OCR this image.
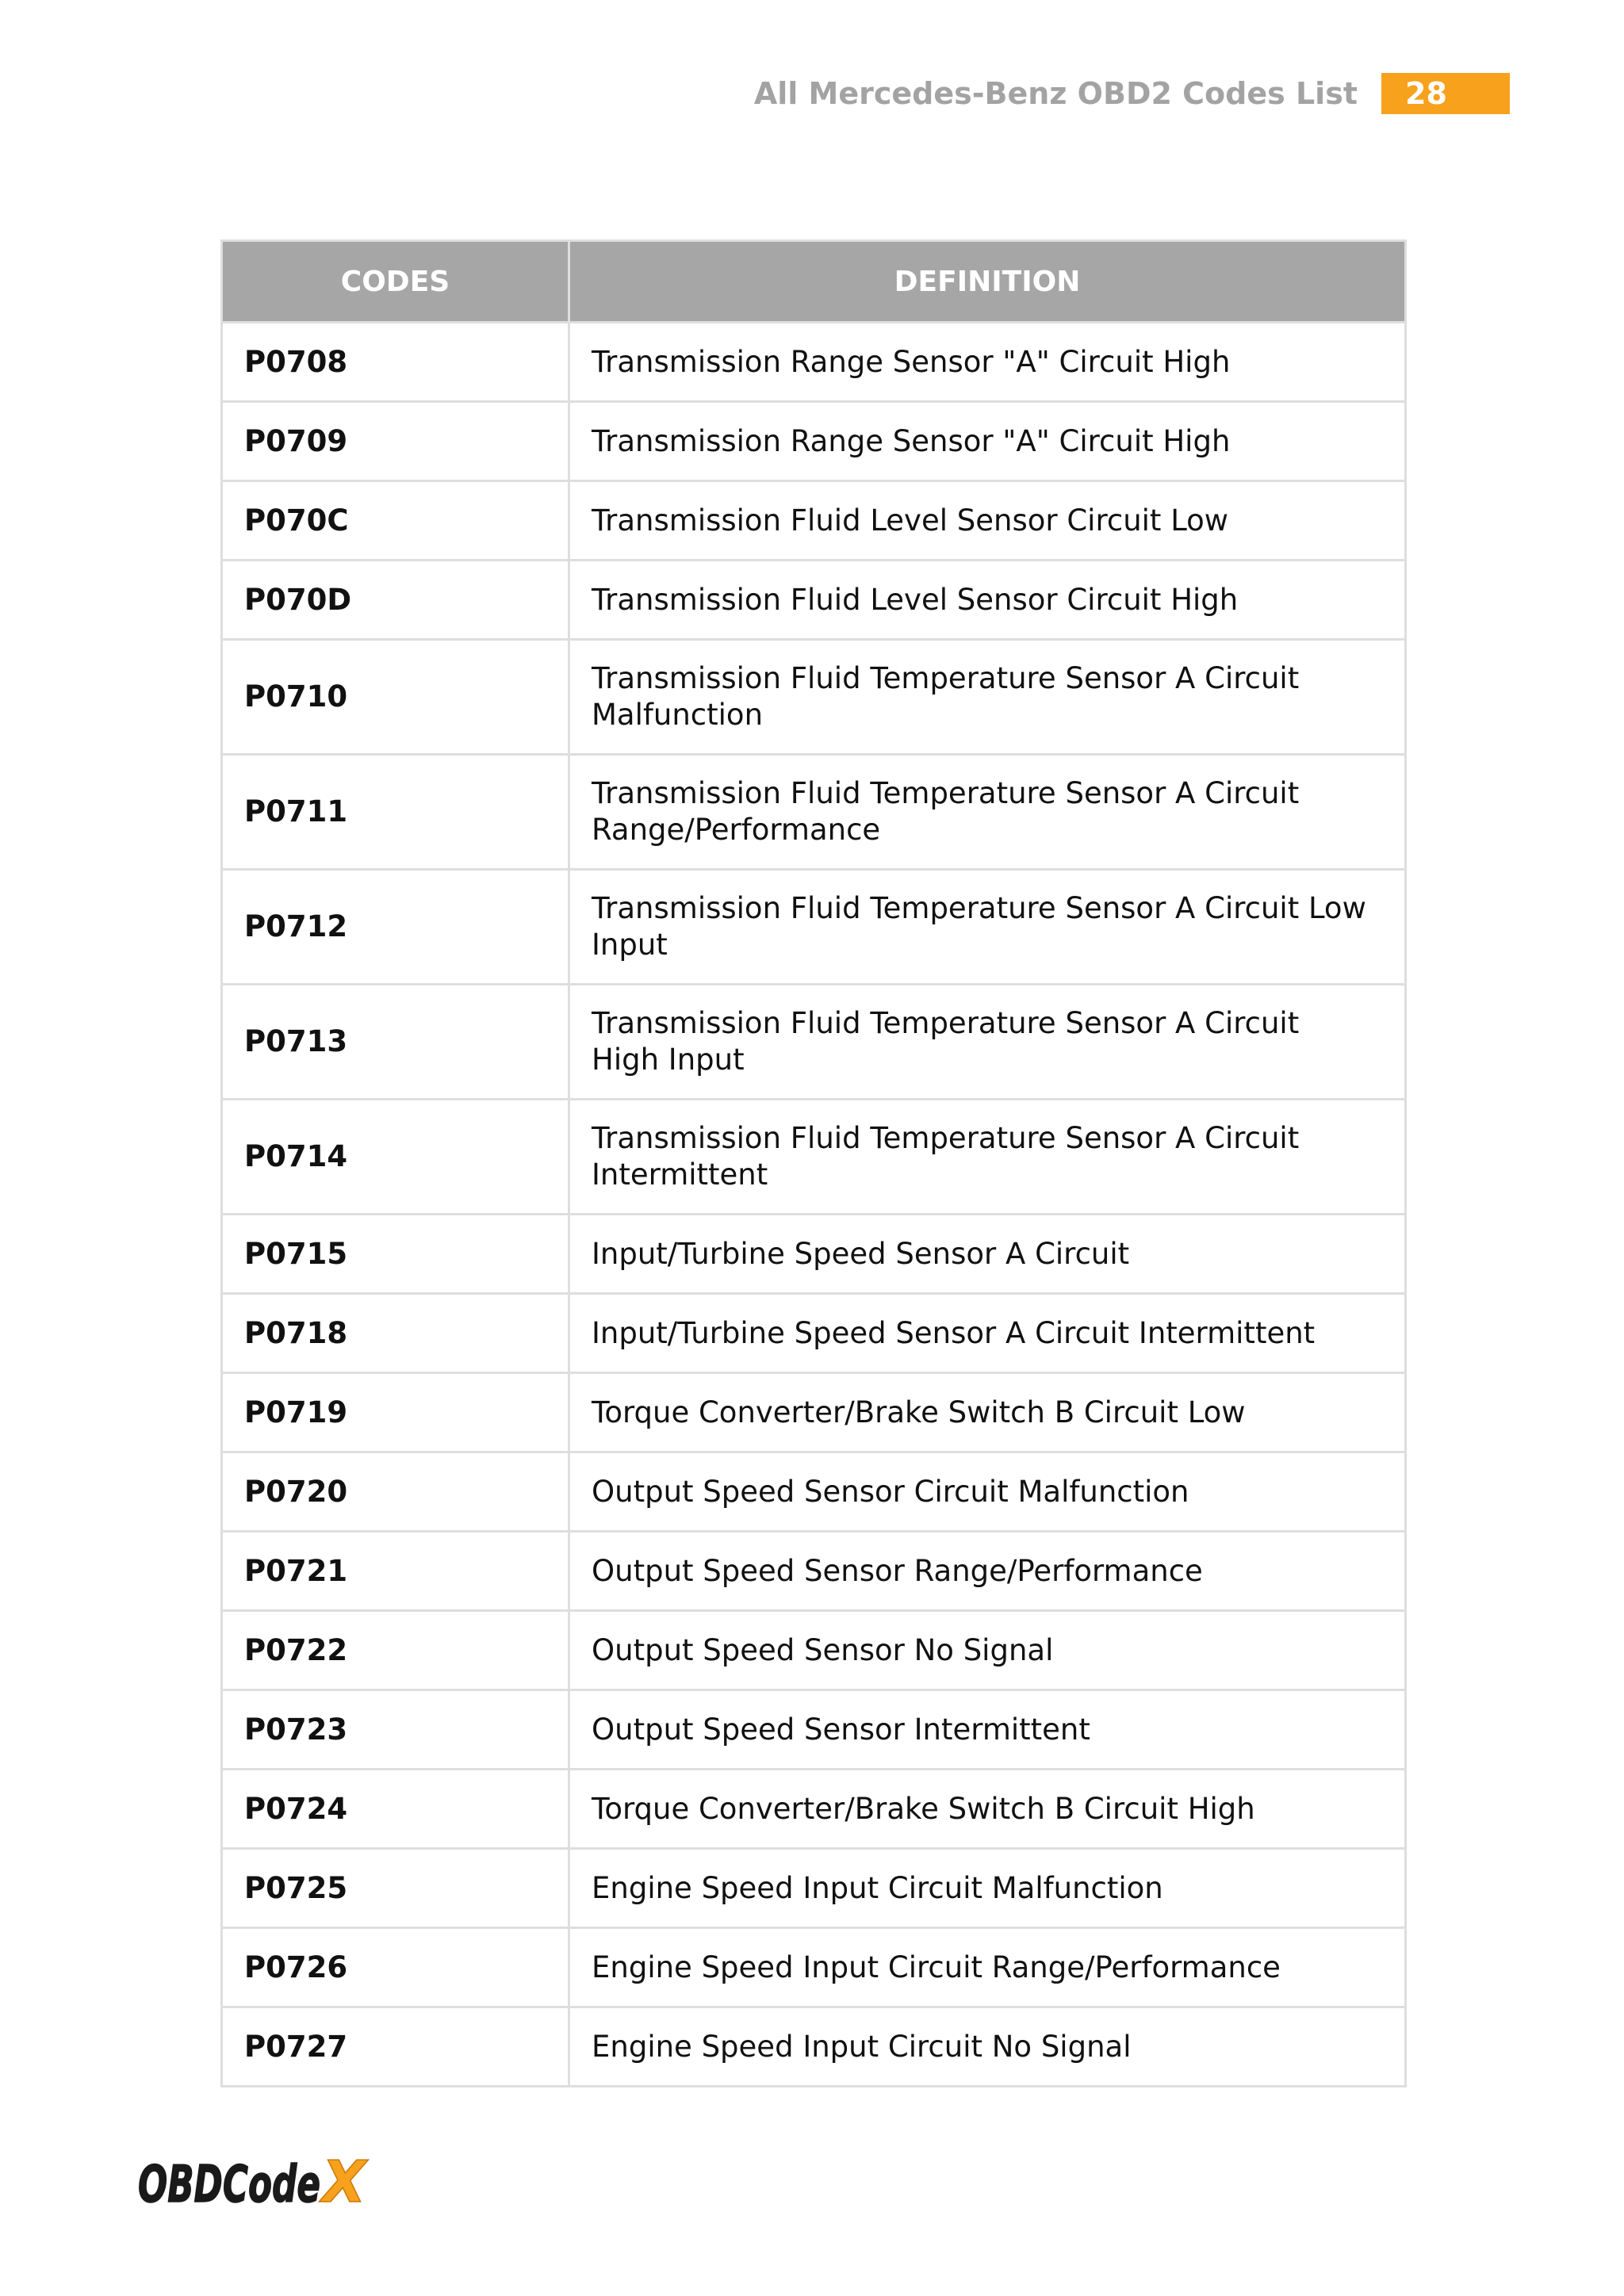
All Mercedes-Benz OBD2 Codes List	28
CODES	DEFINITION
P0708	Transmission Range Sensor "A" Circuit High
P0709	Transmission Range Sensor "A" Circuit High
P070C	Transmission Fluid Level Sensor Circuit Low
P070D	Transmission Fluid Level Sensor Circuit High
P0710	Transmission Fluid Temperature Sensor A Circuit Malfunction
P0711	Transmission Fluid Temperature Sensor A Circuit Range/Performance
P0712	Transmission Fluid Temperature Sensor A Circuit Low Input
P0713	Transmission Fluid Temperature Sensor A Circuit High Input
P0714	Transmission Fluid Temperature Sensor A Circuit Intermittent
P0715	Input/Turbine Speed Sensor A Circuit
P0718	Input/Turbine Speed Sensor A Circuit Intermittent
P0719	Torque Converter/Brake Switch B Circuit Low
P0720	Output Speed Sensor Circuit Malfunction
P0721	Output Speed Sensor Range/Performance
P0722	Output Speed Sensor No Signal
P0723	Output Speed Sensor Intermittent
P0724	Torque Converter/Brake Switch B Circuit High
P0725	Engine Speed Input Circuit Malfunction
P0726	Engine Speed Input Circuit Range/Performance
P0727	Engine Speed Input Circuit No Signal
OBDCode X
